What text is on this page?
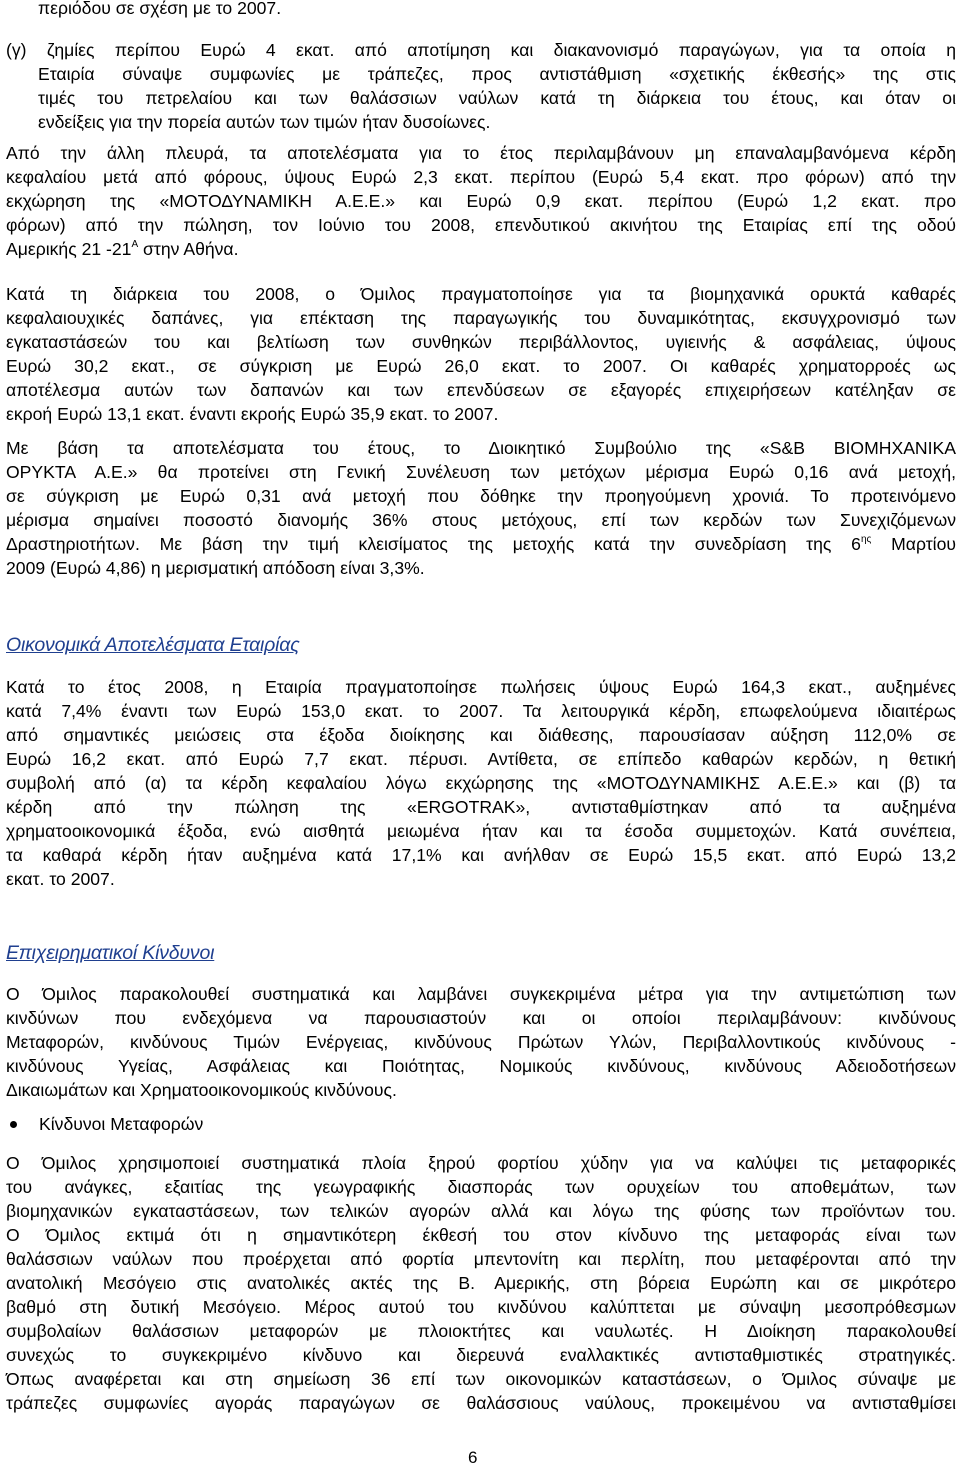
περιόδου σε σχέση με το 2007.

(γ) ζημίες περίπου Ευρώ 4 εκατ. από αποτίμηση και διακανονισμό παραγώγων, για τα οποία η
Εταιρία σύναψε συμφωνίες με τράπεζες, προς αντιστάθμιση «σχετικής έκθεσής» της στις
τιμές του πετρελαίου και των θαλάσσιων ναύλων κατά τη διάρκεια του έτους, και όταν οι
ενδείξεις για την πορεία αυτών των τιμών ήταν δυσοίωνες.

Από την άλλη πλευρά, τα αποτελέσματα για το έτος περιλαμβάνουν μη επαναλαμβανόμενα κέρδη
κεφαλαίου μετά από φόρους, ύψους Ευρώ 2,3 εκατ. περίπου (Ευρώ 5,4 εκατ. προ φόρων) από την
εκχώρηση της «ΜΟΤΟΔΥΝΑΜΙΚΗ Α.Ε.Ε.» και Ευρώ 0,9 εκατ. περίπου (Ευρώ 1,2 εκατ. προ
φόρων) από την πώληση, τον Ιούνιο του 2008, επενδυτικού ακινήτου της Εταιρίας επί της οδού
Αμερικής 21 $-21^A$ στην Αθήνα.

Κατά τη διάρκεια του 2008, ο Όμιλος πραγματοποίησε για τα βιομηχανικά ορυκτά καθαρές
κεφαλαιουχικές δαπάνες, για επέκταση της παραγωγικής του δυναμικότητας, εκσυγχρονισμό των
εγκαταστάσεών του και βελτίωση των συνθηκών περιβάλλοντος, υγιεινής & ασφάλειας, ύψους
Ευρώ 30,2 εκατ., σε σύγκριση με Ευρώ 26,0 εκατ. το 2007. Οι καθαρές χρηματορροές ως
αποτέλεσμα αυτών των δαπανών και των επενδύσεων σε εξαγορές επιχειρήσεων κατέληξαν σε
εκροή Ευρώ 13,1 εκατ. έναντι εκροής Ευρώ 35,9 εκατ. το 2007.

Με βάση τα αποτελέσματα του έτους, το Διοικητικό Συμβούλιο της «S&B ΒΙΟΜΗΧΑΝΙΚΑ
ΟΡΥΚΤΑ Α.Ε.» θα προτείνει στη Γενική Συνέλευση των μετόχων μέρισμα Ευρώ 0,16 ανά μετοχή,
σε σύγκριση με Ευρώ 0,31 ανά μετοχή που δόθηκε την προηγούμενη χρονιά. Το προτεινόμενο
μέρισμα σημαίνει ποσοστό διανομής 36% στους μετόχους, επί των κερδών των Συνεχιζόμενων
Δραστηριοτήτων. Με βάση την τιμή κλεισίματος της μετοχής κατά την συνεδρίαση της $6^{\eta\varsigma}$ Μαρτίου
2009 (Ευρώ 4,86) η μερισματική απόδοση είναι 3,3%.

Οικονομικά Αποτελέσματα Εταιρίας

Κατά το έτος 2008, η Εταιρία πραγματοποίησε πωλήσεις ύψους Ευρώ 164,3 εκατ., αυξημένες
κατά 7,4% έναντι των Ευρώ 153,0 εκατ. το 2007. Τα λειτουργικά κέρδη, επωφελούμενα ιδιαιτέρως
από σημαντικές μειώσεις στα έξοδα διοίκησης και διάθεσης, παρουσίασαν αύξηση 112,0% σε
Ευρώ 16,2 εκατ. από Ευρώ 7,7 εκατ. πέρυσι. Αντίθετα, σε επίπεδο καθαρών κερδών, η θετική
συμβολή από (α) τα κέρδη κεφαλαίου λόγω εκχώρησης της «ΜΟΤΟΔΥΝΑΜΙΚΗΣ Α.Ε.Ε.» και (β) τα
κέρδη από την πώληση της «ERGOTRAK», αντισταθμίστηκαν από τα αυξημένα
χρηματοοικονομικά έξοδα, ενώ αισθητά μειωμένα ήταν και τα έσοδα συμμετοχών. Κατά συνέπεια,
τα καθαρά κέρδη ήταν αυξημένα κατά 17,1% και ανήλθαν σε Ευρώ 15,5 εκατ. από Ευρώ 13,2
εκατ. το 2007.

Επιχειρηματικοί Κίνδυνοι

Ο Όμιλος παρακολουθεί συστηματικά και λαμβάνει συγκεκριμένα μέτρα για την αντιμετώπιση των
κινδύνων που ενδεχόμενα να παρουσιαστούν και οι οποίοι περιλαμβάνουν: κινδύνους
Μεταφορών, κινδύνους Τιμών Ενέργειας, κινδύνους Πρώτων Υλών, Περιβαλλοντικούς κινδύνους -
κινδύνους Υγείας, Ασφάλειας και Ποιότητας, Νομικούς κινδύνους, κινδύνους Αδειοδοτήσεων
Δικαιωμάτων και Χρηματοοικονομικούς κινδύνους.

Κίνδυνοι Μεταφορών

Ο Όμιλος χρησιμοποιεί συστηματικά πλοία ξηρού φορτίου χύδην για να καλύψει τις μεταφορικές
του ανάγκες, εξαιτίας της γεωγραφικής διασποράς των ορυχείων του αποθεμάτων, των
βιομηχανικών εγκαταστάσεων, των τελικών αγορών αλλά και λόγω της φύσης των προϊόντων του.
Ο Όμιλος εκτιμά ότι η σημαντικότερη έκθεσή του στον κίνδυνο της μεταφοράς είναι των
θαλάσσιων ναύλων που προέρχεται από φορτία μπεντονίτη και περλίτη, που μεταφέρονται από την
ανατολική Μεσόγειο στις ανατολικές ακτές της Β. Αμερικής, στη βόρεια Ευρώπη και σε μικρότερο
βαθμό στη δυτική Μεσόγειο. Μέρος αυτού του κινδύνου καλύπτεται με σύναψη μεσοπρόθεσμων
συμβολαίων θαλάσσιων μεταφορών με πλοιοκτήτες και ναυλωτές. Η Διοίκηση παρακολουθεί
συνεχώς το συγκεκριμένο κίνδυνο και διερευνά εναλλακτικές αντισταθμιστικές στρατηγικές.
Όπως αναφέρεται και στη σημείωση 36 επί των οικονομικών καταστάσεων, ο Όμιλος σύναψε με
τράπεζες συμφωνίες αγοράς παραγώγων σε θαλάσσιους ναύλους, προκειμένου να αντισταθμίσει

6
